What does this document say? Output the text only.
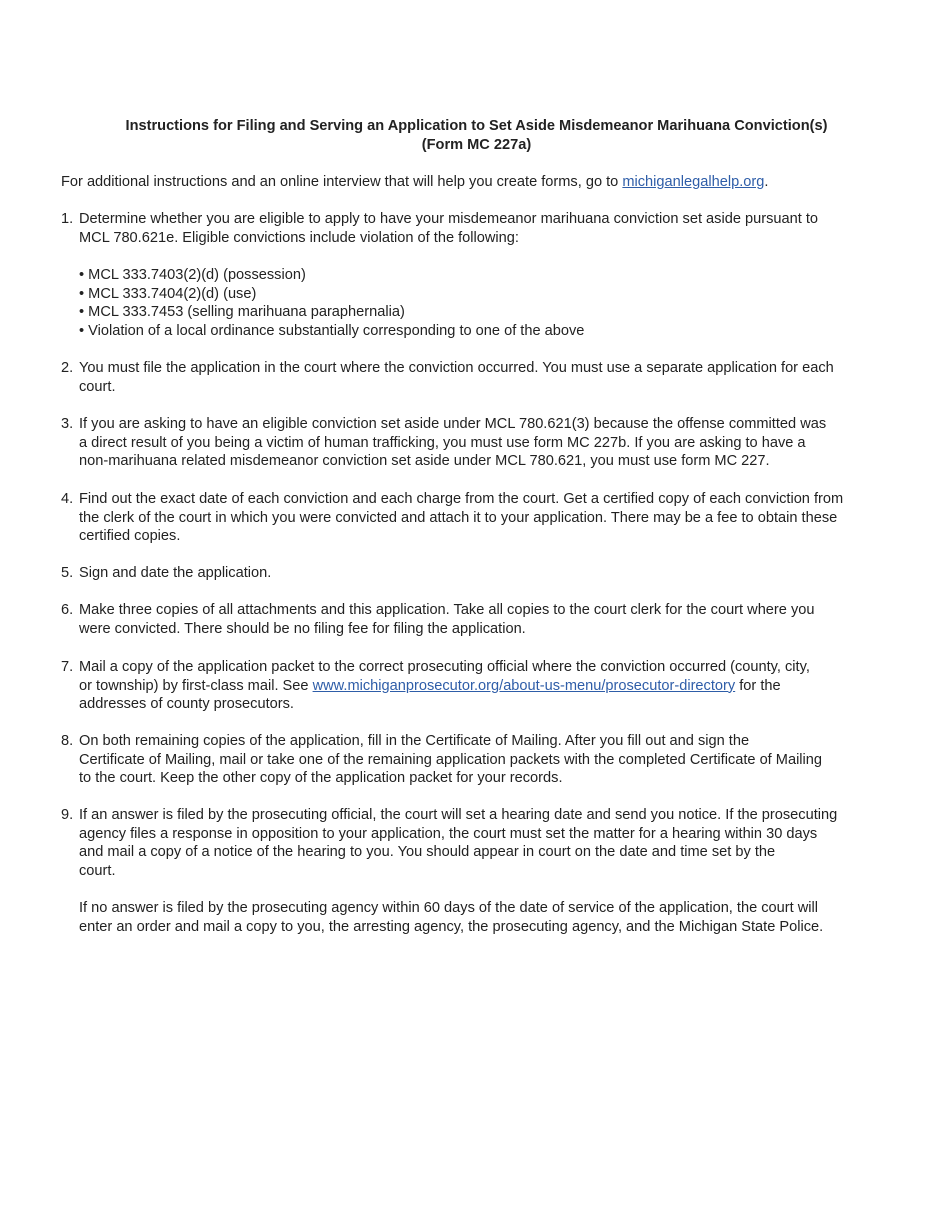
Instructions for Filing and Serving an Application to Set Aside Misdemeanor Marihuana Conviction(s)
(Form MC 227a)
For additional instructions and an online interview that will help you create forms, go to michiganlegalhelp.org.
1. Determine whether you are eligible to apply to have your misdemeanor marihuana conviction set aside pursuant to
MCL 780.621e. Eligible convictions include violation of the following:
• MCL 333.7403(2)(d) (possession)
• MCL 333.7404(2)(d) (use)
• MCL 333.7453 (selling marihuana paraphernalia)
• Violation of a local ordinance substantially corresponding to one of the above
2. You must file the application in the court where the conviction occurred. You must use a separate application for each
court.
3. If you are asking to have an eligible conviction set aside under MCL 780.621(3) because the offense committed was
a direct result of you being a victim of human trafficking, you must use form MC 227b. If you are asking to have a
non-marihuana related misdemeanor conviction set aside under MCL 780.621, you must use form MC 227.
4. Find out the exact date of each conviction and each charge from the court. Get a certified copy of each conviction from
the clerk of the court in which you were convicted and attach it to your application. There may be a fee to obtain these
certified copies.
5. Sign and date the application.
6. Make three copies of all attachments and this application. Take all copies to the court clerk for the court where you
were convicted. There should be no filing fee for filing the application.
7. Mail a copy of the application packet to the correct prosecuting official where the conviction occurred (county, city,
or township) by first-class mail. See www.michiganprosecutor.org/about-us-menu/prosecutor-directory for the
addresses of county prosecutors.
8. On both remaining copies of the application, fill in the Certificate of Mailing. After you fill out and sign the
Certificate of Mailing, mail or take one of the remaining application packets with the completed Certificate of Mailing
to the court. Keep the other copy of the application packet for your records.
9. If an answer is filed by the prosecuting official, the court will set a hearing date and send you notice. If the prosecuting
agency files a response in opposition to your application, the court must set the matter for a hearing within 30 days
and mail a copy of a notice of the hearing to you. You should appear in court on the date and time set by the
court.
If no answer is filed by the prosecuting agency within 60 days of the date of service of the application, the court will
enter an order and mail a copy to you, the arresting agency, the prosecuting agency, and the Michigan State Police.
